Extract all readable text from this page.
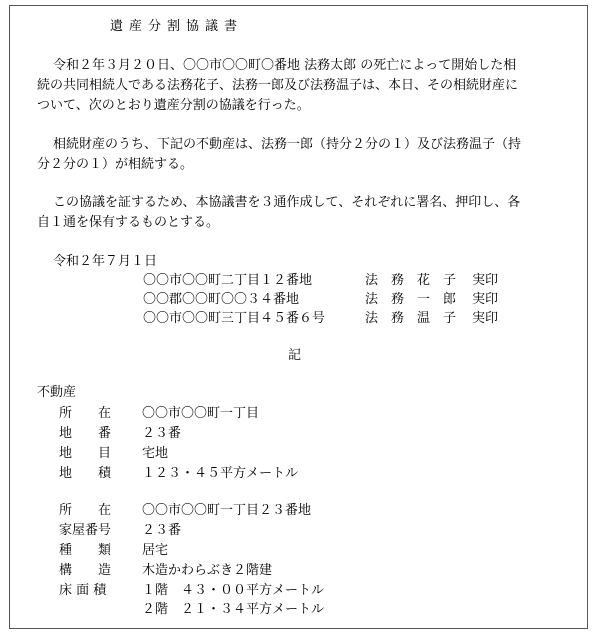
遺産分割協議書
令和２年３月２０日、〇〇市〇〇町〇番地 法務太郎 の死亡によって開始した相
続の共同相続人である法務花子、法務一郎及び法務温子は、本日、その相続財産に
ついて、次のとおり遺産分割の協議を行った。
相続財産のうち、下記の不動産は、法務一郎（持分２分の１）及び法務温子（持
分２分の１）が相続する。
この協議を証するため、本協議書を３通作成して、それぞれに署名、押印し、各
自１通を保有するものとする。
令和２年７月１日
〇〇市〇〇町二丁目１２番地	法　務　花　子 実印
〇〇郡〇〇町〇〇３４番地	法　務　一　郎 実印
〇〇市〇〇町三丁目４５番６号	法　務　温　子 実印
記
不動産
所　　在 〇〇市〇〇町一丁目
地　　番 ２３番
地　　目 宅地
地　　積 １２３・４５平方メートル
所　　在 〇〇市〇〇町一丁目２３番地
家屋番号 ２３番
種　　類 居宅
構　　造 木造かわらぶき２階建
床 面 積	１階　４３・００平方メートル
２階　２１・３４平方メートル
